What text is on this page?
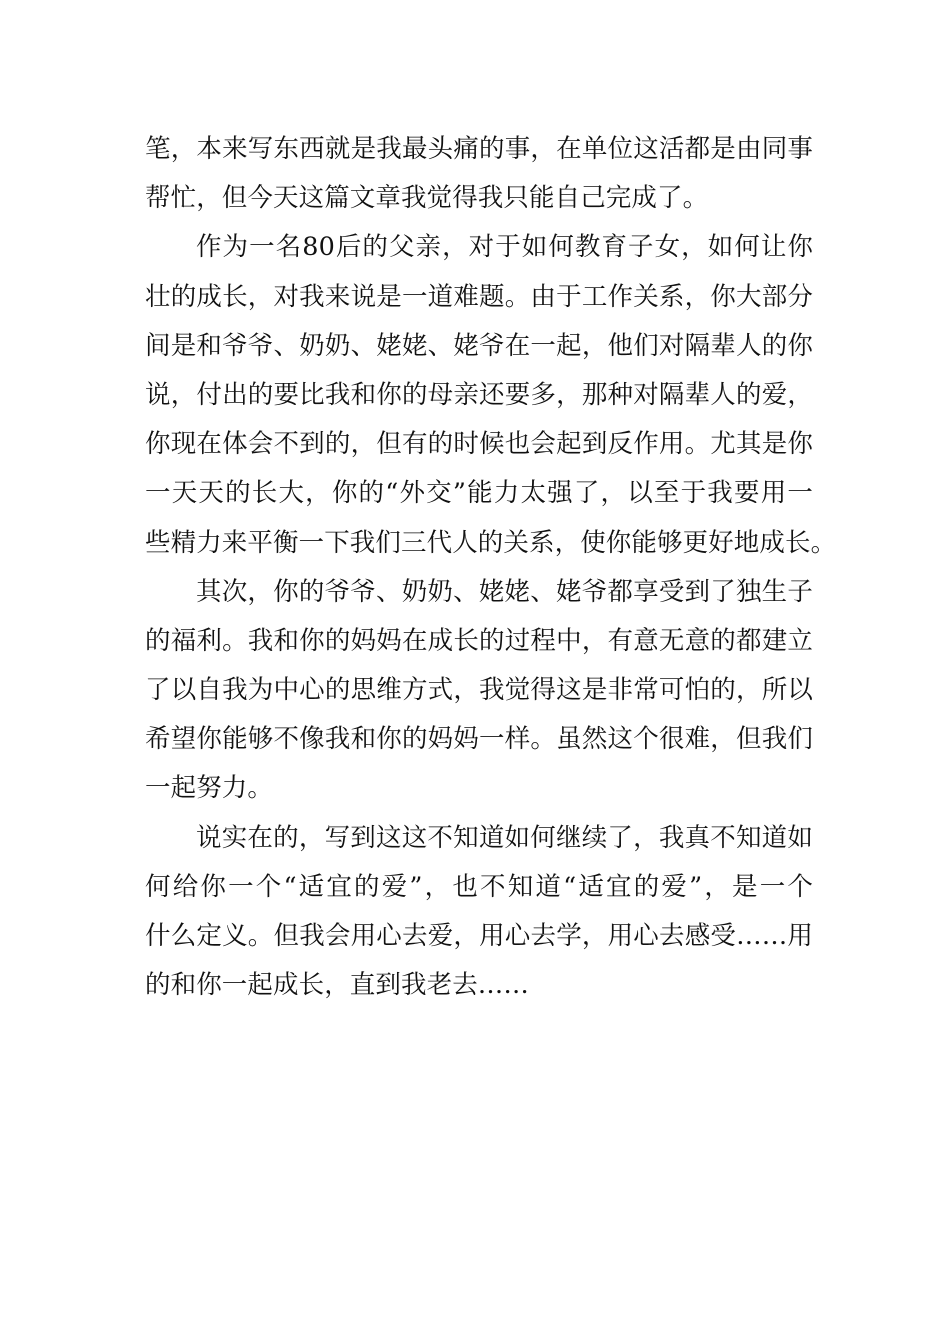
笔，本来写东西就是我最头痛的事，在单位这活都是由同事
帮忙，但今天这篇文章我觉得我只能自己完成了。
作为一名80后的父亲，对于如何教育子女，如何让你
壮的成长，对我来说是一道难题。由于工作关系，你大部分
间是和爷爷、奶奶、姥姥、姥爷在一起，他们对隔辈人的你
说，付出的要比我和你的母亲还要多，那种对隔辈人的爱，
你现在体会不到的，但有的时候也会起到反作用。尤其是你
一天天的长大，你的“外交”能力太强了，以至于我要用一
些精力来平衡一下我们三代人的关系，使你能够更好地成长。
其次，你的爷爷、奶奶、姥姥、姥爷都享受到了独生子
的福利。我和你的妈妈在成长的过程中，有意无意的都建立
了以自我为中心的思维方式，我觉得这是非常可怕的，所以
希望你能够不像我和你的妈妈一样。虽然这个很难，但我们
一起努力。
说实在的，写到这这不知道如何继续了，我真不知道如
何给你一个“适宜的爱”，也不知道“适宜的爱”，是一个
什么定义。但我会用心去爱，用心去学，用心去感受……用
的和你一起成长，直到我老去……
